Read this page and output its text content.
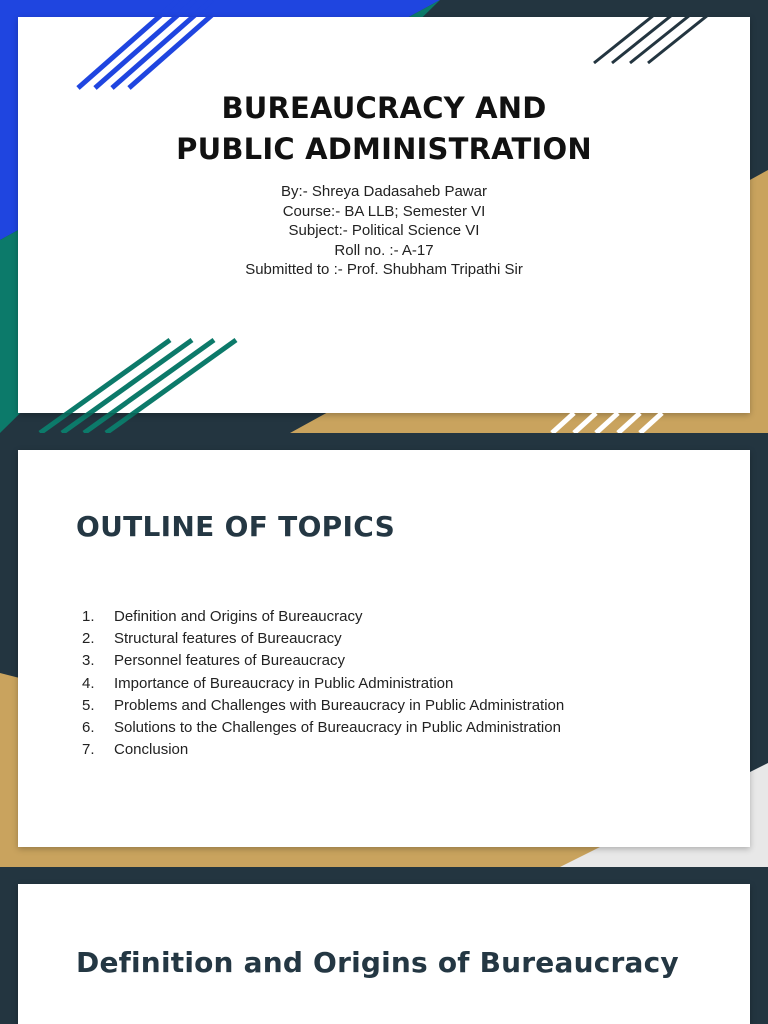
BUREAUCRACY AND PUBLIC ADMINISTRATION
By:- Shreya Dadasaheb Pawar
Course:- BA LLB; Semester VI
Subject:- Political Science VI
Roll no. :- A-17
Submitted to :- Prof. Shubham Tripathi Sir
OUTLINE OF TOPICS
1. Definition and Origins of Bureaucracy
2. Structural features of Bureaucracy
3. Personnel features of Bureaucracy
4. Importance of Bureaucracy in Public Administration
5. Problems and Challenges with Bureaucracy in Public Administration
6. Solutions to the Challenges of Bureaucracy in Public Administration
7. Conclusion
Definition and Origins of Bureaucracy
